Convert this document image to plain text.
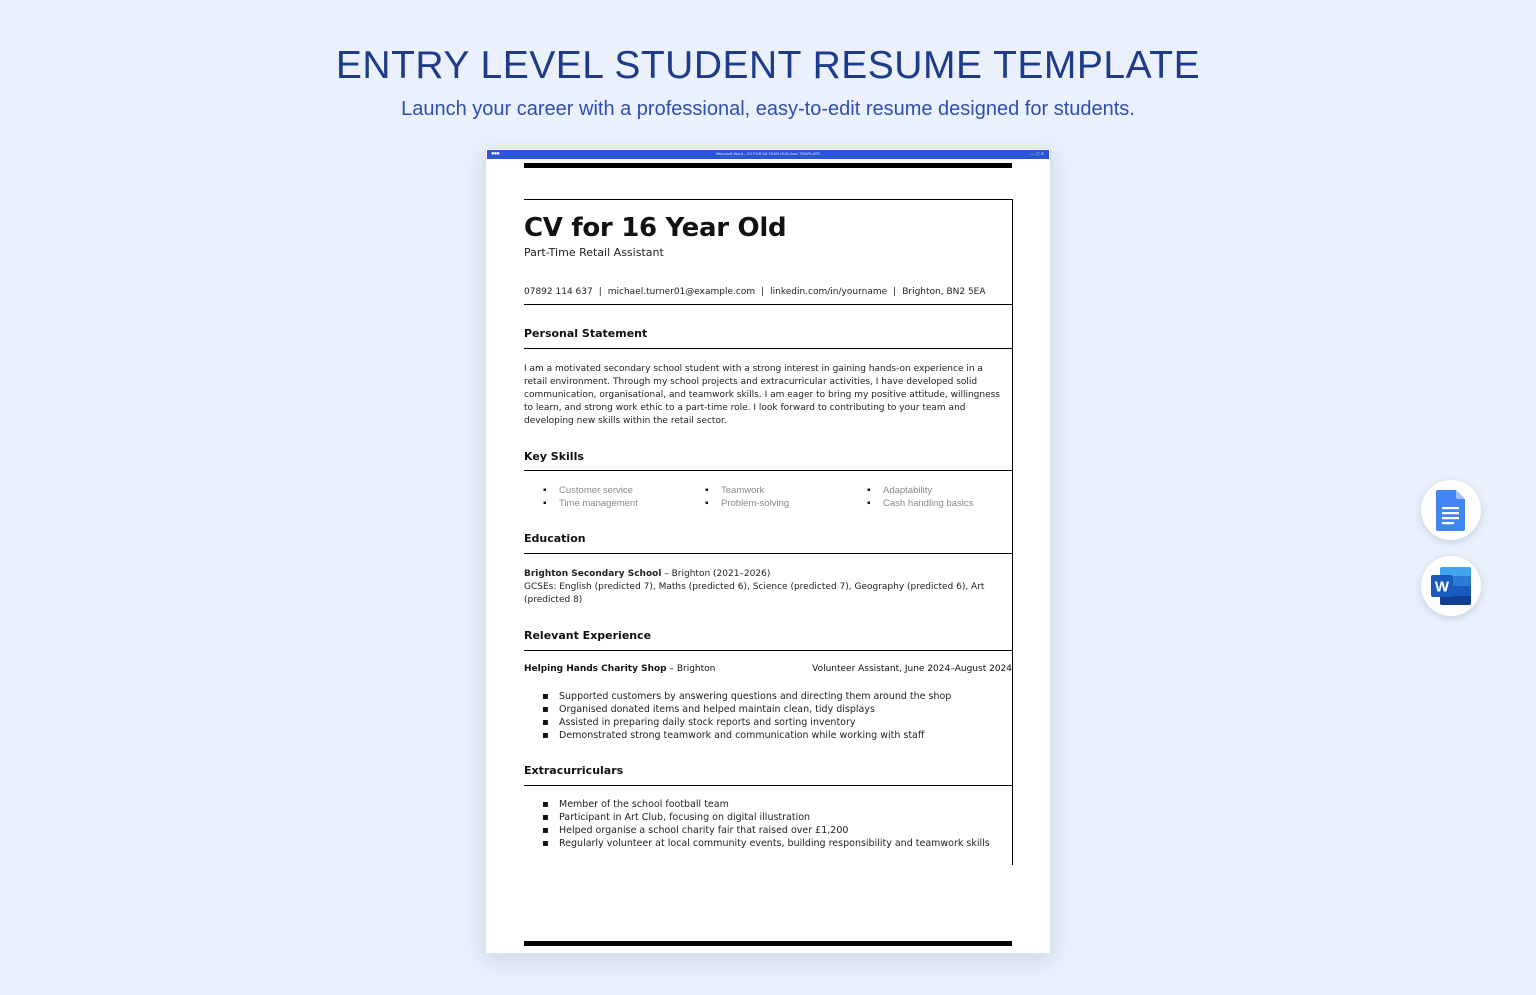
ENTRY LEVEL STUDENT RESUME TEMPLATE

Launch your career with a professional, easy-to-edit resume designed for students.

●●●	Microsoft Word - CV FOR 16 YEAR OLD.docx TEMPLATE	— ▢ ✕
CV for 16 Year Old
Part-Time Retail Assistant
07892 114 637 | michael.turner01@example.com | linkedin.com/in/yourname | Brighton, BN2 5EA
Personal Statement
I am a motivated secondary school student with a strong interest in gaining hands-on experience in a retail environment. Through my school projects and extracurricular activities, I have developed solid communication, organisational, and teamwork skills. I am eager to bring my positive attitude, willingness to learn, and strong work ethic to a part-time role. I look forward to contributing to your team and developing new skills within the retail sector.
Key Skills
▪ Customer service
▪ Time management
▪ Teamwork
▪ Problem-solving
▪ Adaptability
▪ Cash handling basics
Education
Brighton Secondary School – Brighton (2021–2026)
GCSEs: English (predicted 7), Maths (predicted 6), Science (predicted 7), Geography (predicted 6), Art (predicted 8)
Relevant Experience
Helping Hands Charity Shop – Brighton	Volunteer Assistant, June 2024–August 2024
▪ Supported customers by answering questions and directing them around the shop
▪ Organised donated items and helped maintain clean, tidy displays
▪ Assisted in preparing daily stock reports and sorting inventory
▪ Demonstrated strong teamwork and communication while working with staff
Extracurriculars
▪ Member of the school football team
▪ Participant in Art Club, focusing on digital illustration
▪ Helped organise a school charity fair that raised over £1,200
▪ Regularly volunteer at local community events, building responsibility and teamwork skills
W
